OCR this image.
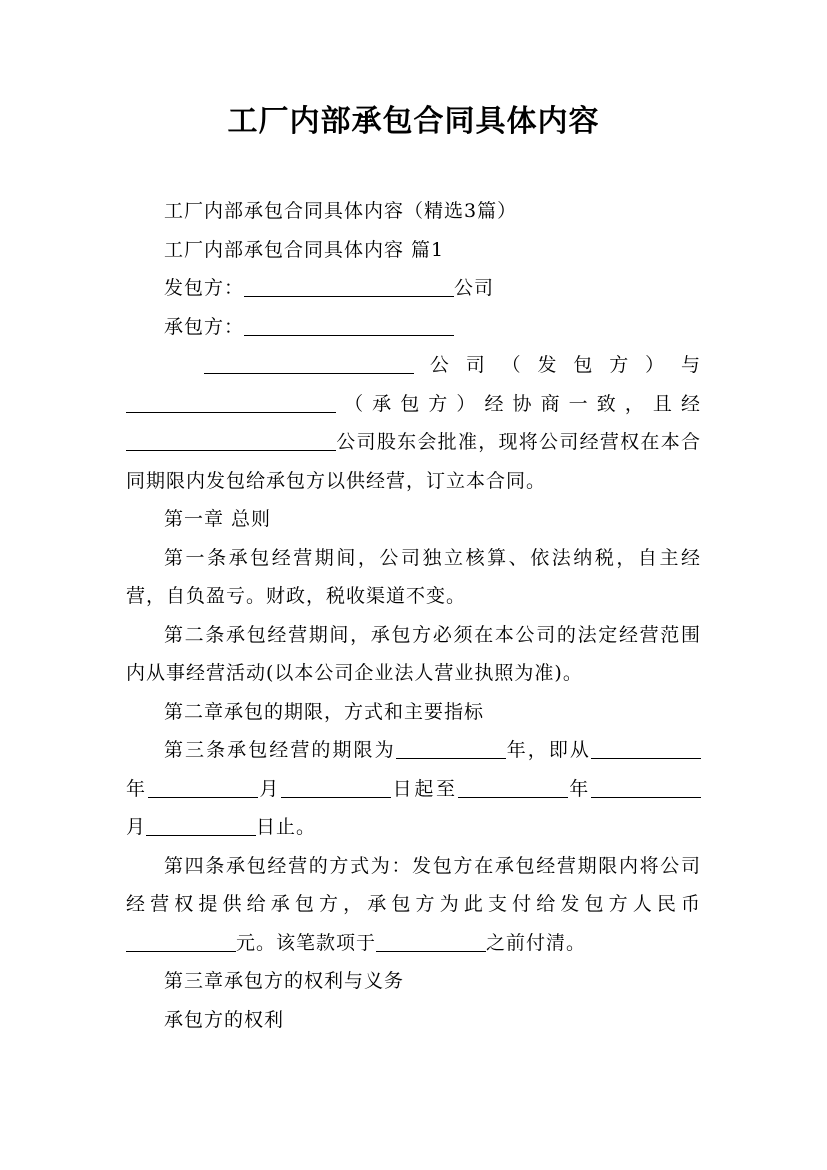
工厂内部承包合同具体内容

工厂内部承包合同具体内容（精选3篇）

工厂内部承包合同具体内容 篇1

发包方：	公司

承包方：

公司（发包方）与

（承包方）经协商一致，且经

公司股东会批准，现将公司经营权在本合同期限内发包给承包方以供经营，订立本合同。

第一章 总则

第一条承包经营期间，公司独立核算、依法纳税，自主经营，自负盈亏。财政，税收渠道不变。

第二条承包经营期间，承包方必须在本公司的法定经营范围内从事经营活动(以本公司企业法人营业执照为准)。

第二章承包的期限，方式和主要指标

第三条承包经营的期限为	年，即从年	月	日起至	年月	日止。

第四条承包经营的方式为：发包方在承包经营期限内将公司经营权提供给承包方，承包方为此支付给发包方人民币元。该笔款项于	之前付清。

第三章承包方的权利与义务

承包方的权利
